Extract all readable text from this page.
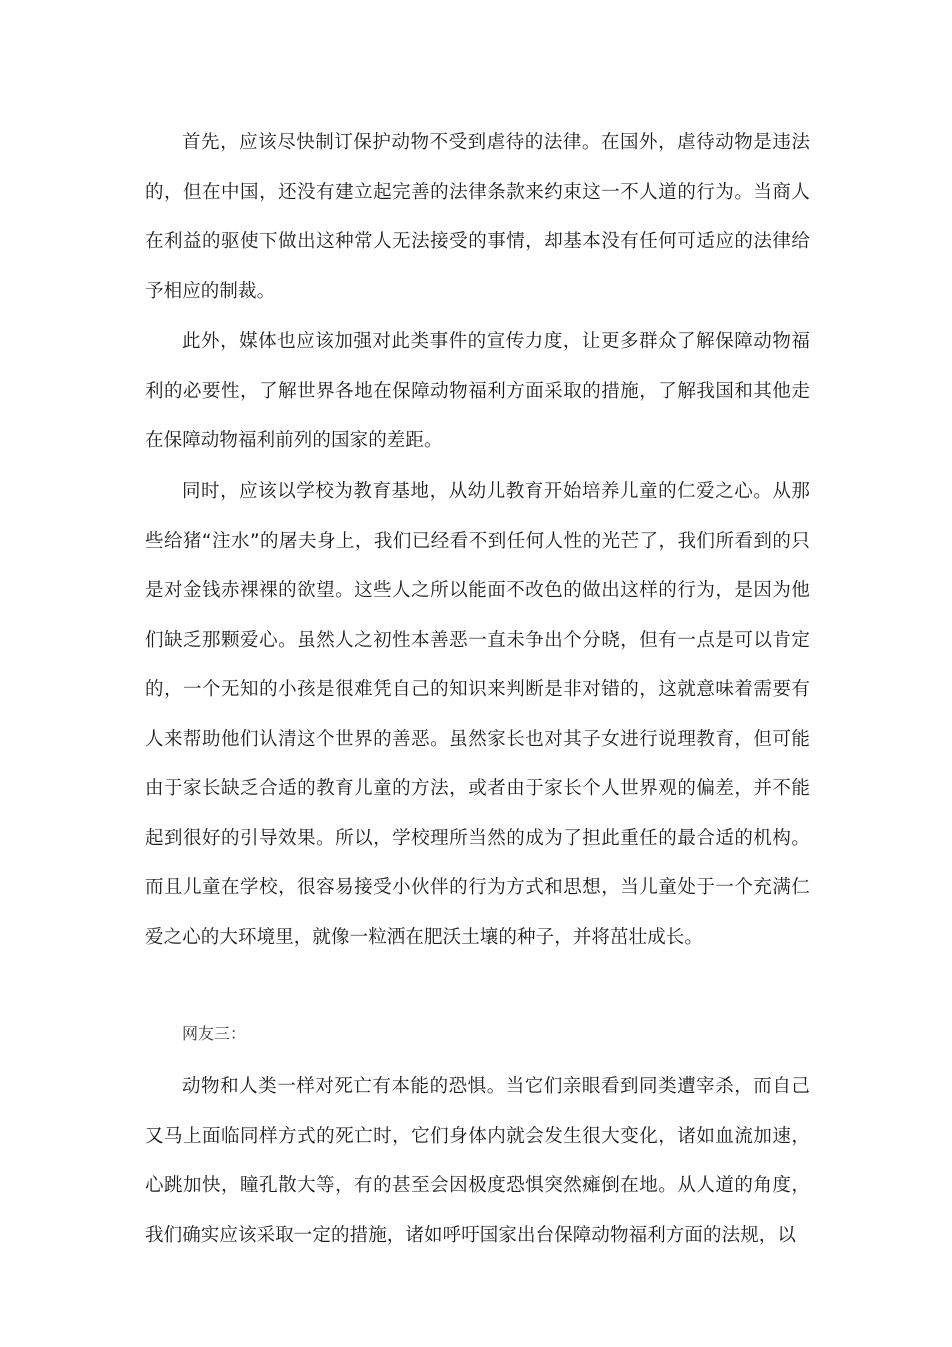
首先，应该尽快制订保护动物不受到虐待的法律。在国外，虐待动物是违法的，但在中国，还没有建立起完善的法律条款来约束这一不人道的行为。当商人在利益的驱使下做出这种常人无法接受的事情，却基本没有任何可适应的法律给予相应的制裁。

此外，媒体也应该加强对此类事件的宣传力度，让更多群众了解保障动物福利的必要性，了解世界各地在保障动物福利方面采取的措施，了解我国和其他走在保障动物福利前列的国家的差距。

同时，应该以学校为教育基地，从幼儿教育开始培养儿童的仁爱之心。从那些给猪“注水”的屠夫身上，我们已经看不到任何人性的光芒了，我们所看到的只是对金钱赤裸裸的欲望。这些人之所以能面不改色的做出这样的行为，是因为他们缺乏那颗爱心。虽然人之初性本善恶一直未争出个分晓，但有一点是可以肯定的，一个无知的小孩是很难凭自己的知识来判断是非对错的，这就意味着需要有人来帮助他们认清这个世界的善恶。虽然家长也对其子女进行说理教育，但可能由于家长缺乏合适的教育儿童的方法，或者由于家长个人世界观的偏差，并不能起到很好的引导效果。所以，学校理所当然的成为了担此重任的最合适的机构。而且儿童在学校，很容易接受小伙伴的行为方式和思想，当儿童处于一个充满仁爱之心的大环境里，就像一粒洒在肥沃土壤的种子，并将茁壮成长。

网友三：

动物和人类一样对死亡有本能的恐惧。当它们亲眼看到同类遭宰杀，而自己又马上面临同样方式的死亡时，它们身体内就会发生很大变化，诸如血流加速，心跳加快，瞳孔散大等，有的甚至会因极度恐惧突然瘫倒在地。从人道的角度，我们确实应该采取一定的措施，诸如呼吁国家出台保障动物福利方面的法规，以
